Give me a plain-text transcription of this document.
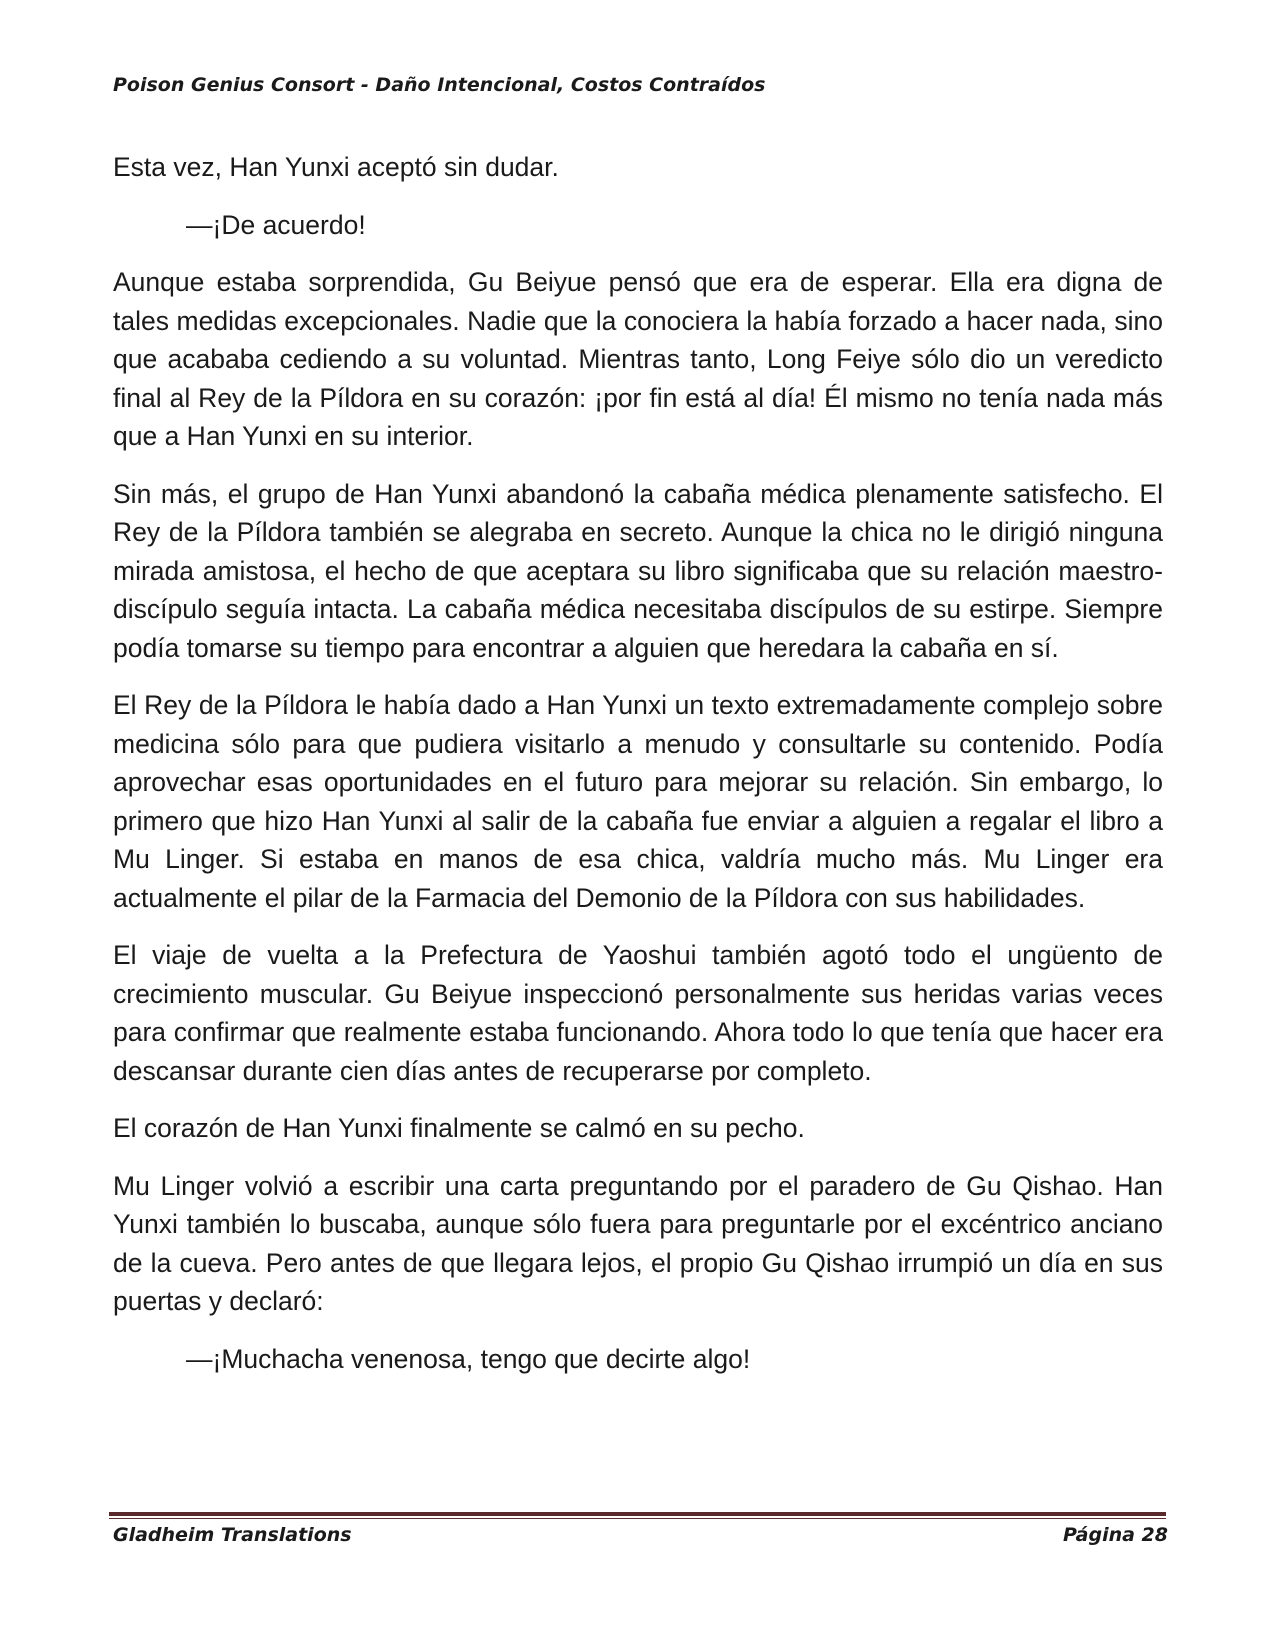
Poison Genius Consort - Daño Intencional, Costos Contraídos

Esta vez, Han Yunxi aceptó sin dudar.

—¡De acuerdo!

Aunque estaba sorprendida, Gu Beiyue pensó que era de esperar. Ella era digna de tales medidas excepcionales. Nadie que la conociera la había forzado a hacer nada, sino que acababa cediendo a su voluntad. Mientras tanto, Long Feiye sólo dio un veredicto final al Rey de la Píldora en su corazón: ¡por fin está al día! Él mismo no tenía nada más que a Han Yunxi en su interior.

Sin más, el grupo de Han Yunxi abandonó la cabaña médica plenamente satisfecho. El Rey de la Píldora también se alegraba en secreto. Aunque la chica no le dirigió ninguna mirada amistosa, el hecho de que aceptara su libro significaba que su relación maestro-discípulo seguía intacta. La cabaña médica necesitaba discípulos de su estirpe. Siempre podía tomarse su tiempo para encontrar a alguien que heredara la cabaña en sí.

El Rey de la Píldora le había dado a Han Yunxi un texto extremadamente complejo sobre medicina sólo para que pudiera visitarlo a menudo y consultarle su contenido. Podía aprovechar esas oportunidades en el futuro para mejorar su relación. Sin embargo, lo primero que hizo Han Yunxi al salir de la cabaña fue enviar a alguien a regalar el libro a Mu Linger. Si estaba en manos de esa chica, valdría mucho más. Mu Linger era actualmente el pilar de la Farmacia del Demonio de la Píldora con sus habilidades.

El viaje de vuelta a la Prefectura de Yaoshui también agotó todo el ungüento de crecimiento muscular. Gu Beiyue inspeccionó personalmente sus heridas varias veces para confirmar que realmente estaba funcionando. Ahora todo lo que tenía que hacer era descansar durante cien días antes de recuperarse por completo.

El corazón de Han Yunxi finalmente se calmó en su pecho.

Mu Linger volvió a escribir una carta preguntando por el paradero de Gu Qishao. Han Yunxi también lo buscaba, aunque sólo fuera para preguntarle por el excéntrico anciano de la cueva. Pero antes de que llegara lejos, el propio Gu Qishao irrumpió un día en sus puertas y declaró:

—¡Muchacha venenosa, tengo que decirte algo!

Gladheim Translations	Página 28
